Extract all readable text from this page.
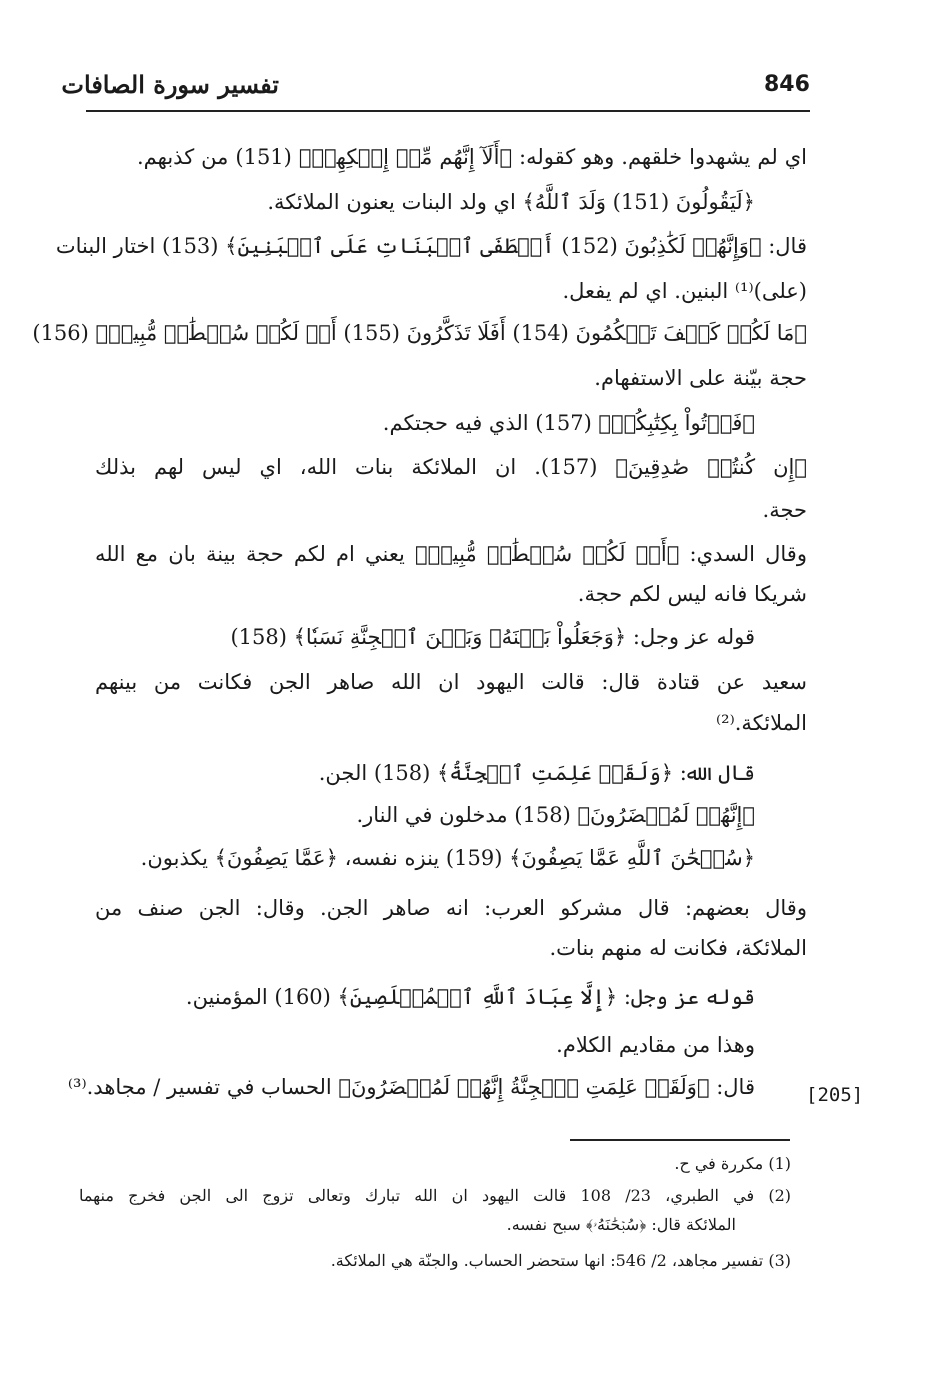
تفسير سورة الصافات	846
اي لم يشهدوا خلقهم. وهو كقوله: ﴿أَلَآ إِنَّهُم مِّنۡ إِفۡكِهِمۡ﴾ (151) من كذبهم.
﴿لَيَقُولُونَ (151) وَلَدَ ٱللَّهُ﴾ اي ولد البنات يعنون الملائكة.
قال: ﴿وَإِنَّهُمۡ لَكَٰذِبُونَ (152) أَصۡطَفَى ٱلۡبَنَاتِ عَلَى ٱلۡبَنِينَ﴾ (153) اختار البنات
(على)⁽¹⁾ البنين. اي لم يفعل.
﴿مَا لَكُمۡ كَيۡفَ تَحۡكُمُونَ (154) أَفَلَا تَذَكَّرُونَ (155) أَمۡ لَكُمۡ سُلۡطَٰنٞ مُّبِينٞ﴾ (156)
حجة بيّنة على الاستفهام.
﴿فَأۡتُواْ بِكِتَٰبِكُمۡ﴾ (157) الذي فيه حجتكم.
﴿إِن كُنتُمۡ صَٰدِقِينَ﴾ (157). ان الملائكة بنات الله، اي ليس لهم بذلك
حجة.
وقال السدي: ﴿أَمۡ لَكُمۡ سُلۡطَٰنٞ مُّبِينٞ﴾ يعني ام لكم حجة بينة بان مع الله
شريكا فانه ليس لكم حجة.
قوله عز وجل: ﴿وَجَعَلُواْ بَيۡنَهُۥ وَبَيۡنَ ٱلۡجِنَّةِ نَسَبٗا﴾ (158)
سعيد عن قتادة قال: قالت اليهود ان الله صاهر الجن فكانت من بينهم
الملائكة.⁽²⁾
قال الله: ﴿وَلَقَدۡ عَلِمَتِ ٱلۡجِنَّةُ﴾ (158) الجن.
﴿إِنَّهُمۡ لَمُحۡضَرُونَ﴾ (158) مدخلون في النار.
﴿سُبۡحَٰنَ ٱللَّهِ عَمَّا يَصِفُونَ﴾ (159) ينزه نفسه، ﴿عَمَّا يَصِفُونَ﴾ يكذبون.
وقال بعضهم: قال مشركو العرب: انه صاهر الجن. وقال: الجن صنف من
الملائكة، فكانت له منهم بنات.
قوله عز وجل: ﴿إِلَّا عِبَادَ ٱللَّهِ ٱلۡمُخۡلَصِينَ﴾ (160) المؤمنين.
وهذا من مقاديم الكلام.
قال: ﴿وَلَقَدۡ عَلِمَتِ ٱلۡجِنَّةُ إِنَّهُمۡ لَمُحۡضَرُونَ﴾ الحساب في تفسير / مجاهد.⁽³⁾	[205]
(1) مكررة في ح.
(2) في الطبري، 23/ 108 قالت اليهود ان الله تبارك وتعالى تزوج الى الجن فخرج منهما
الملائكة قال: ﴿سُبۡحَٰنَهُۥ﴾ سبح نفسه.
(3) تفسير مجاهد، 2/ 546: انها ستحضر الحساب. والجنّة هي الملائكة.
